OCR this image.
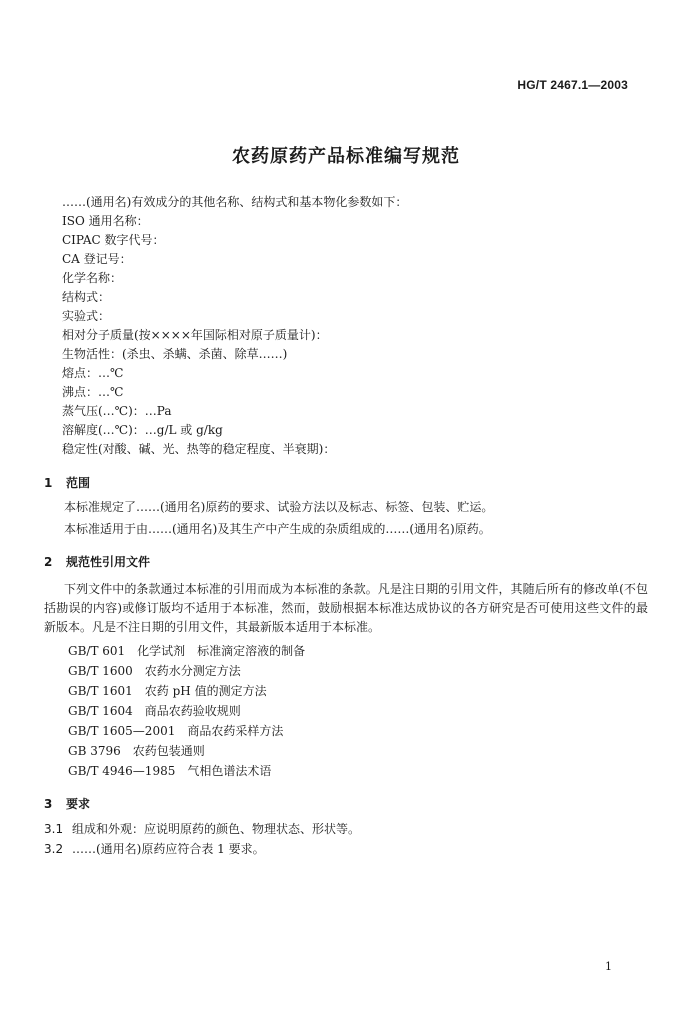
HG/T 2467.1—2003
农药原药产品标准编写规范
……(通用名)有效成分的其他名称、结构式和基本物化参数如下：
ISO 通用名称：
CIPAC 数字代号：
CA 登记号：
化学名称：
结构式：
实验式：
相对分子质量(按××××年国际相对原子质量计)：
生物活性：(杀虫、杀螨、杀菌、除草……)
熔点：…℃
沸点：…℃
蒸气压(…℃)：…Pa
溶解度(…℃)：…g/L 或 g/kg
稳定性(对酸、碱、光、热等的稳定程度、半衰期)：
1 范围
本标准规定了……(通用名)原药的要求、试验方法以及标志、标签、包装、贮运。
本标准适用于由……(通用名)及其生产中产生成的杂质组成的……(通用名)原药。
2 规范性引用文件
下列文件中的条款通过本标准的引用而成为本标准的条款。凡是注日期的引用文件，其随后所有的修改单(不包括勘误的内容)或修订版均不适用于本标准，然而，鼓励根据本标准达成协议的各方研究是否可使用这些文件的最新版本。凡是不注日期的引用文件，其最新版本适用于本标准。
GB/T 601　化学试剂　标准滴定溶液的制备
GB/T 1600　农药水分测定方法
GB/T 1601　农药 pH 值的测定方法
GB/T 1604　商品农药验收规则
GB/T 1605—2001　商品农药采样方法
GB 3796　农药包装通则
GB/T 4946—1985　气相色谱法术语
3 要求
3.1 组成和外观：应说明原药的颜色、物理状态、形状等。
3.2 ……(通用名)原药应符合表 1 要求。
1
